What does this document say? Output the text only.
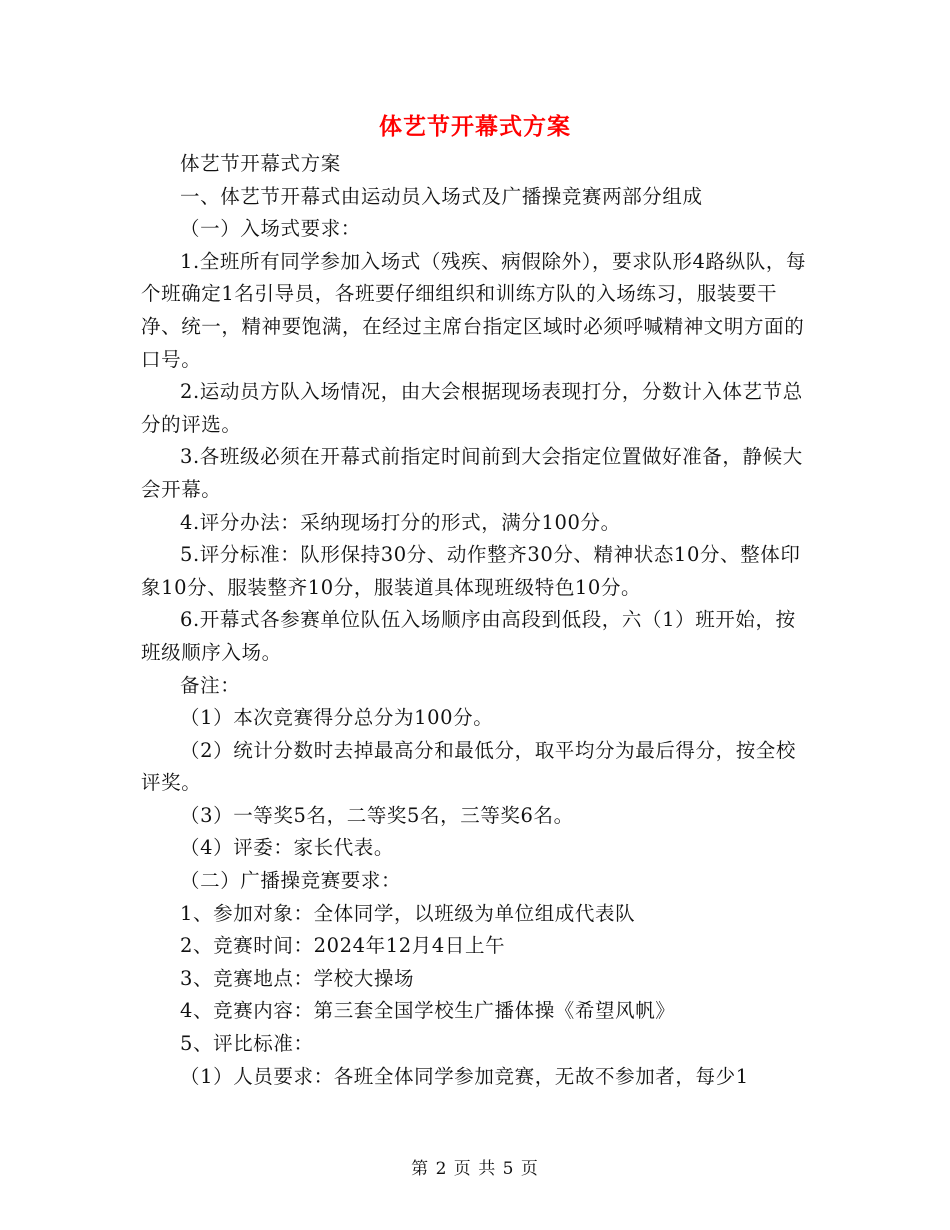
体艺节开幕式方案

体艺节开幕式方案

一、体艺节开幕式由运动员入场式及广播操竞赛两部分组成

（一）入场式要求：

1.全班所有同学参加入场式（残疾、病假除外），要求队形4路纵队，每个班确定1名引导员，各班要仔细组织和训练方队的入场练习，服装要干净、统一，精神要饱满，在经过主席台指定区域时必须呼喊精神文明方面的口号。

2.运动员方队入场情况，由大会根据现场表现打分，分数计入体艺节总分的评选。

3.各班级必须在开幕式前指定时间前到大会指定位置做好准备，静候大会开幕。

4.评分办法：采纳现场打分的形式，满分100分。

5.评分标准：队形保持30分、动作整齐30分、精神状态10分、整体印象10分、服装整齐10分，服装道具体现班级特色10分。

6.开幕式各参赛单位队伍入场顺序由高段到低段，六（1）班开始，按班级顺序入场。

备注：

（1）本次竞赛得分总分为100分。

（2）统计分数时去掉最高分和最低分，取平均分为最后得分，按全校评奖。

（3）一等奖5名，二等奖5名，三等奖6名。

（4）评委：家长代表。

（二）广播操竞赛要求：

1、参加对象：全体同学，以班级为单位组成代表队

2、竞赛时间：2024年12月4日上午

3、竞赛地点：学校大操场

4、竞赛内容：第三套全国学校生广播体操《希望风帆》

5、评比标准：

（1）人员要求：各班全体同学参加竞赛，无故不参加者，每少1

第 2 页 共 5 页
